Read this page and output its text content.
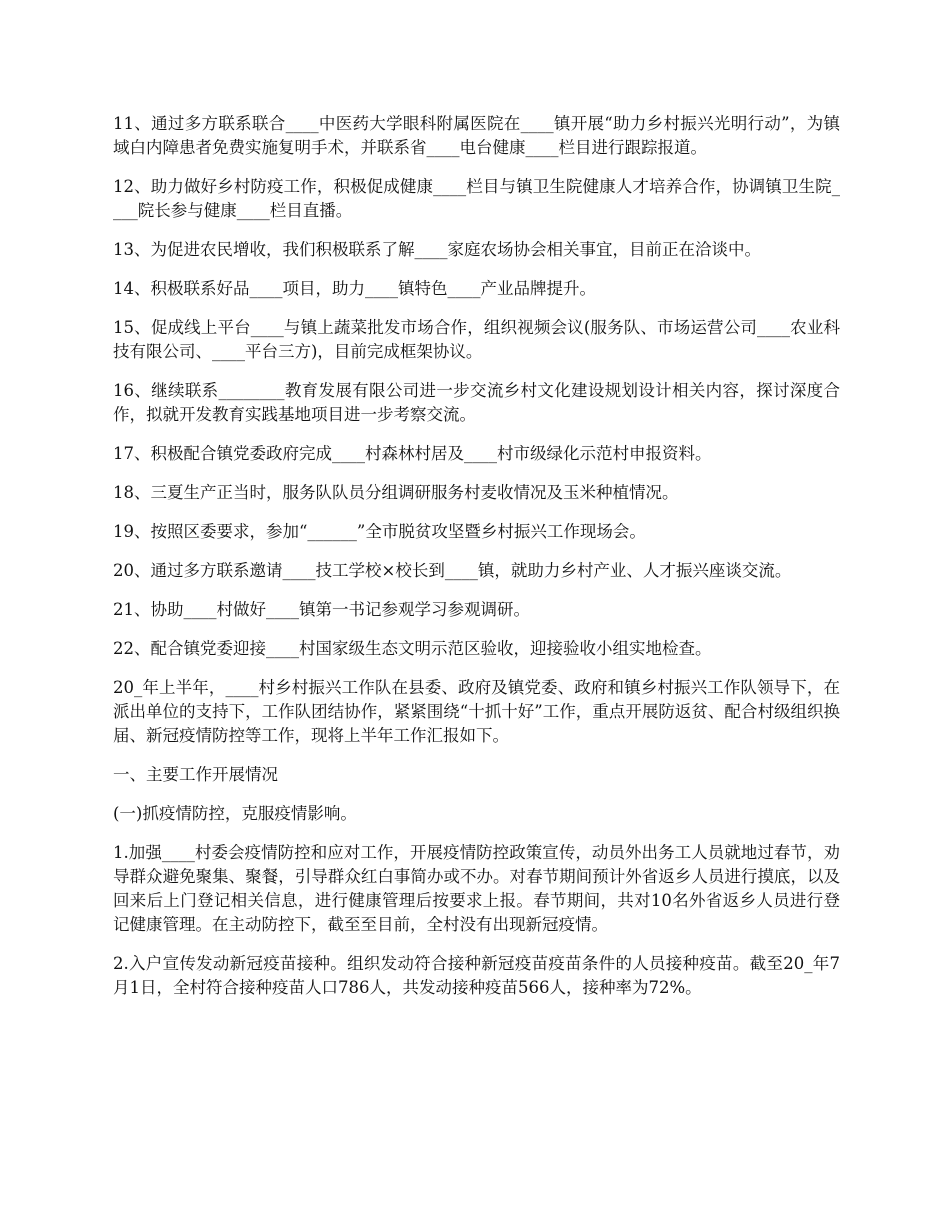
11、通过多方联系联合____中医药大学眼科附属医院在____镇开展“助力乡村振兴光明行动”，为镇域白内障患者免费实施复明手术，并联系省____电台健康____栏目进行跟踪报道。

12、助力做好乡村防疫工作，积极促成健康____栏目与镇卫生院健康人才培养合作，协调镇卫生院____院长参与健康____栏目直播。

13、为促进农民增收，我们积极联系了解____家庭农场协会相关事宜，目前正在洽谈中。

14、积极联系好品____项目，助力____镇特色____产业品牌提升。

15、促成线上平台____与镇上蔬菜批发市场合作，组织视频会议(服务队、市场运营公司____农业科技有限公司、____平台三方)，目前完成框架协议。

16、继续联系________教育发展有限公司进一步交流乡村文化建设规划设计相关内容，探讨深度合作，拟就开发教育实践基地项目进一步考察交流。

17、积极配合镇党委政府完成____村森林村居及____村市级绿化示范村申报资料。

18、三夏生产正当时，服务队队员分组调研服务村麦收情况及玉米种植情况。

19、按照区委要求，参加“______”全市脱贫攻坚暨乡村振兴工作现场会。

20、通过多方联系邀请____技工学校×校长到____镇，就助力乡村产业、人才振兴座谈交流。

21、协助____村做好____镇第一书记参观学习参观调研。

22、配合镇党委迎接____村国家级生态文明示范区验收，迎接验收小组实地检查。

20_年上半年，____村乡村振兴工作队在县委、政府及镇党委、政府和镇乡村振兴工作队领导下，在派出单位的支持下，工作队团结协作，紧紧围绕“十抓十好”工作，重点开展防返贫、配合村级组织换届、新冠疫情防控等工作，现将上半年工作汇报如下。

一、主要工作开展情况

(一)抓疫情防控，克服疫情影响。

1.加强____村委会疫情防控和应对工作，开展疫情防控政策宣传，动员外出务工人员就地过春节，劝导群众避免聚集、聚餐，引导群众红白事简办或不办。对春节期间预计外省返乡人员进行摸底，以及回来后上门登记相关信息，进行健康管理后按要求上报。春节期间，共对10名外省返乡人员进行登记健康管理。在主动防控下，截至至目前，全村没有出现新冠疫情。

2.入户宣传发动新冠疫苗接种。组织发动符合接种新冠疫苗疫苗条件的人员接种疫苗。截至20_年7月1日，全村符合接种疫苗人口786人，共发动接种疫苗566人，接种率为72%。
